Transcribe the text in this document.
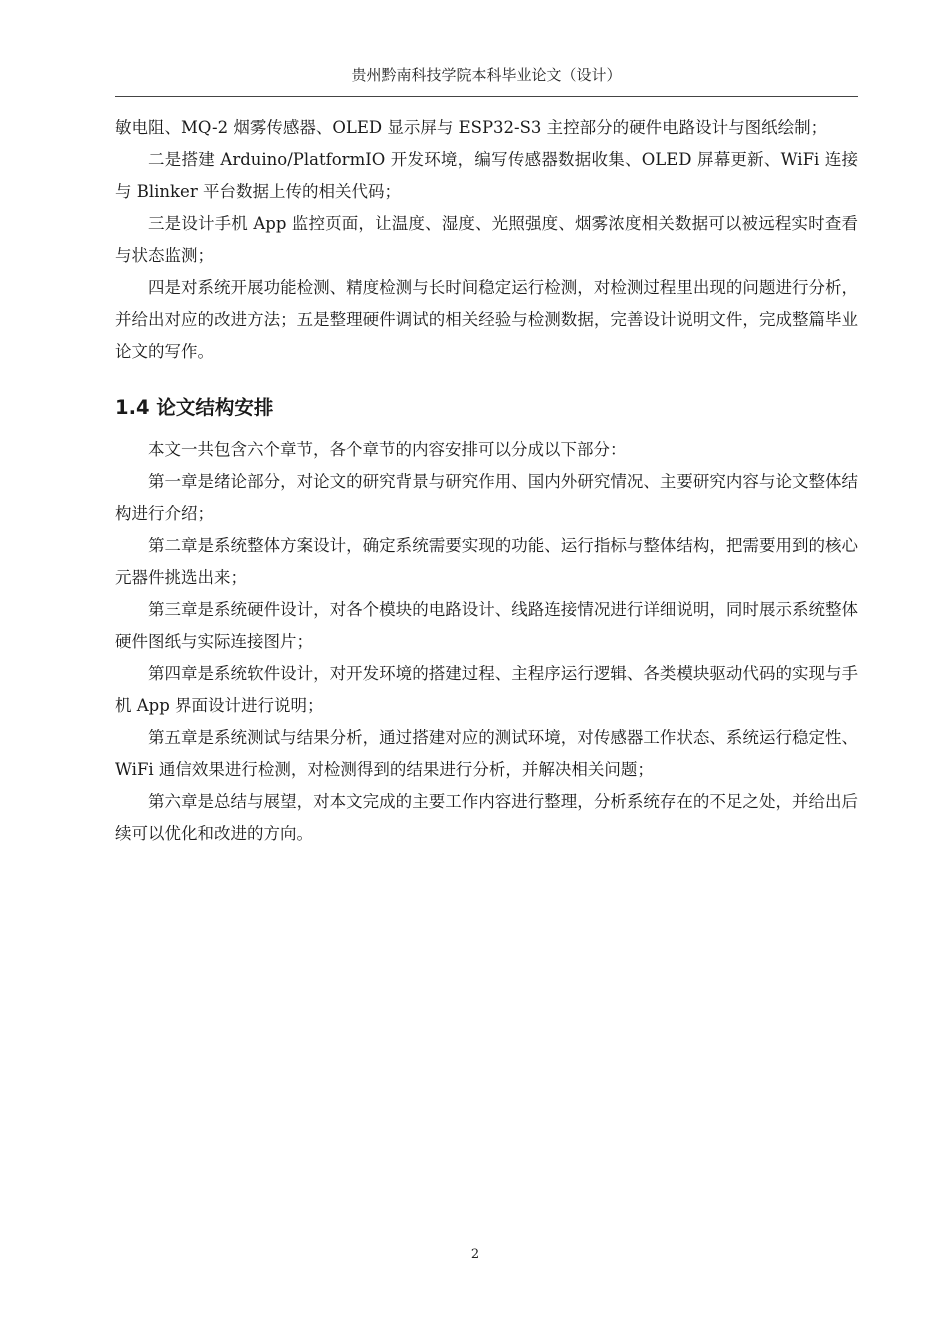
贵州黔南科技学院本科毕业论文（设计）

敏电阻、MQ-2 烟雾传感器、OLED 显示屏与 ESP32-S3 主控部分的硬件电路设计与图纸绘制；

二是搭建 Arduino/PlatformIO 开发环境，编写传感器数据收集、OLED 屏幕更新、WiFi 连接与 Blinker 平台数据上传的相关代码；

三是设计手机 App 监控页面，让温度、湿度、光照强度、烟雾浓度相关数据可以被远程实时查看与状态监测；

四是对系统开展功能检测、精度检测与长时间稳定运行检测，对检测过程里出现的问题进行分析，并给出对应的改进方法；五是整理硬件调试的相关经验与检测数据，完善设计说明文件，完成整篇毕业论文的写作。

1.4 论文结构安排

本文一共包含六个章节，各个章节的内容安排可以分成以下部分：

第一章是绪论部分，对论文的研究背景与研究作用、国内外研究情况、主要研究内容与论文整体结构进行介绍；

第二章是系统整体方案设计，确定系统需要实现的功能、运行指标与整体结构，把需要用到的核心元器件挑选出来；

第三章是系统硬件设计，对各个模块的电路设计、线路连接情况进行详细说明，同时展示系统整体硬件图纸与实际连接图片；

第四章是系统软件设计，对开发环境的搭建过程、主程序运行逻辑、各类模块驱动代码的实现与手机 App 界面设计进行说明；

第五章是系统测试与结果分析，通过搭建对应的测试环境，对传感器工作状态、系统运行稳定性、WiFi 通信效果进行检测，对检测得到的结果进行分析，并解决相关问题；

第六章是总结与展望，对本文完成的主要工作内容进行整理，分析系统存在的不足之处，并给出后续可以优化和改进的方向。

2
